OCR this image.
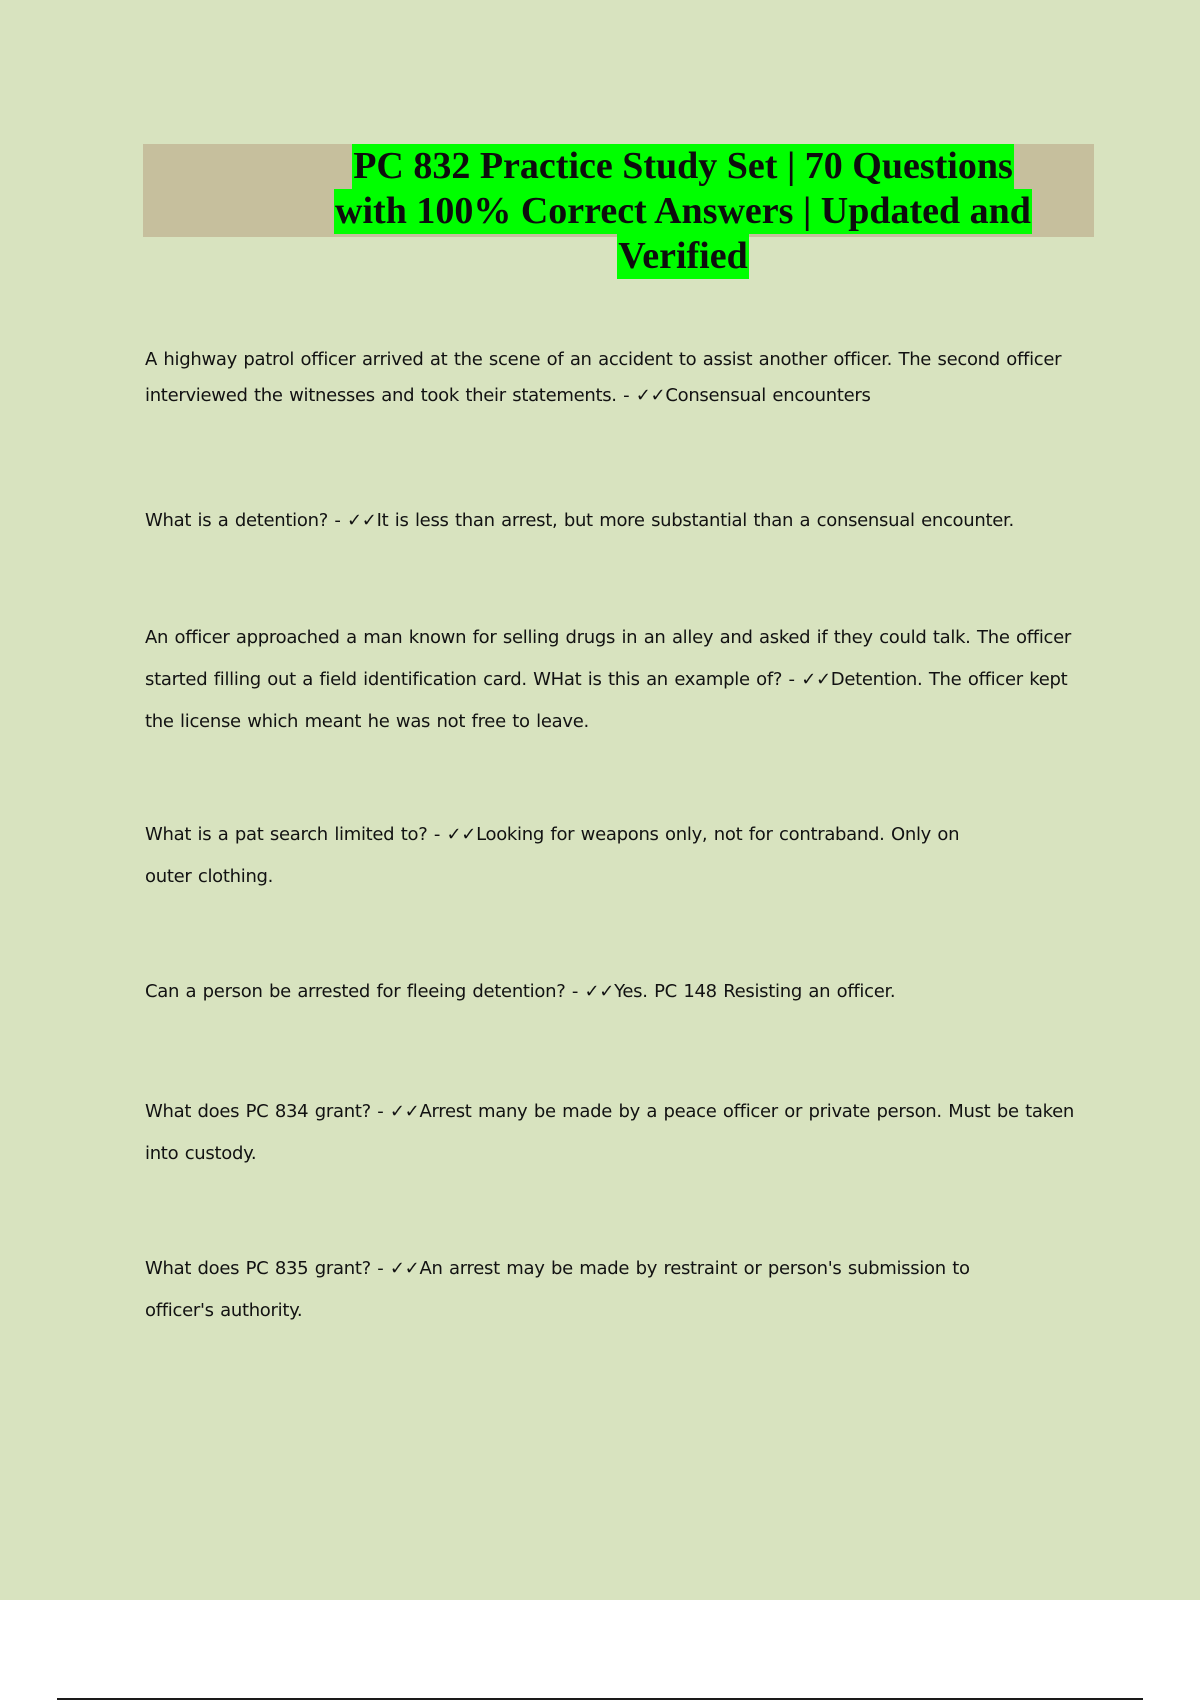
PC 832 Practice Study Set | 70 Questions
with 100% Correct Answers | Updated and
Verified

A highway patrol officer arrived at the scene of an accident to assist another officer. The second officer interviewed the witnesses and took their statements. - ✓✓Consensual encounters

What is a detention? - ✓✓It is less than arrest, but more substantial than a consensual encounter.

An officer approached a man known for selling drugs in an alley and asked if they could talk. The officer started filling out a field identification card. WHat is this an example of? - ✓✓Detention. The officer kept the license which meant he was not free to leave.

What is a pat search limited to? - ✓✓Looking for weapons only, not for contraband. Only on outer clothing.

Can a person be arrested for fleeing detention? - ✓✓Yes. PC 148 Resisting an officer.

What does PC 834 grant? - ✓✓Arrest many be made by a peace officer or private person. Must be taken into custody.

What does PC 835 grant? - ✓✓An arrest may be made by restraint or person's submission to officer's authority.
